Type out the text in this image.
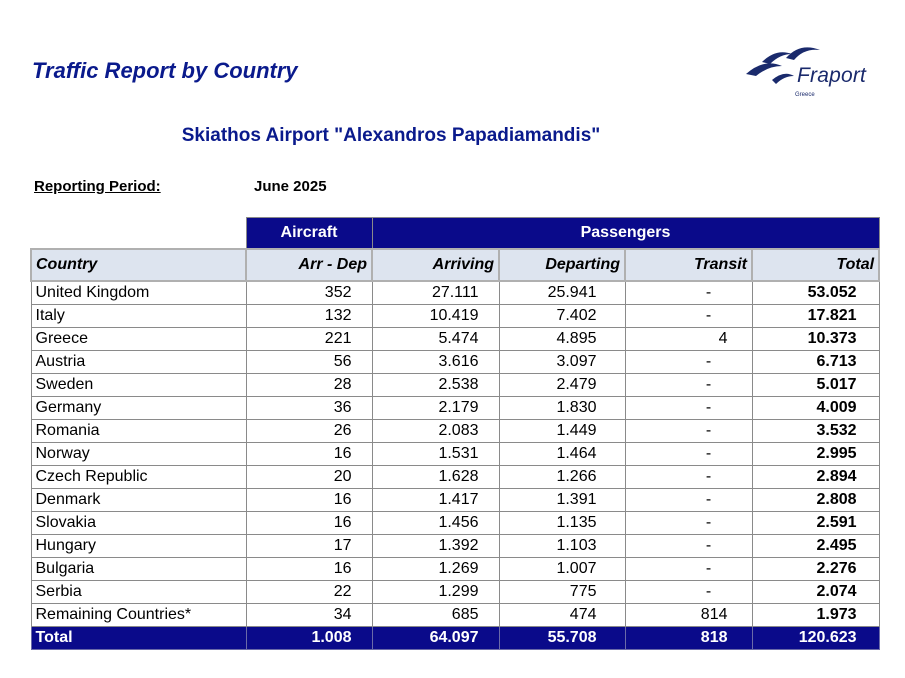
Traffic Report by Country	Fraport
Greece
Skiathos Airport "Alexandros Papadiamandis"
Reporting Period:	June 2025
	Aircraft	Passengers			
Country	Arr - Dep	Arriving	Departing	Transit	Total
United Kingdom	352	27.111	25.941	-	53.052
Italy	132	10.419	7.402	-	17.821
Greece	221	5.474	4.895	4	10.373
Austria	56	3.616	3.097	-	6.713
Sweden	28	2.538	2.479	-	5.017
Germany	36	2.179	1.830	-	4.009
Romania	26	2.083	1.449	-	3.532
Norway	16	1.531	1.464	-	2.995
Czech Republic	20	1.628	1.266	-	2.894
Denmark	16	1.417	1.391	-	2.808
Slovakia	16	1.456	1.135	-	2.591
Hungary	17	1.392	1.103	-	2.495
Bulgaria	16	1.269	1.007	-	2.276
Serbia	22	1.299	775	-	2.074
Remaining Countries*	34	685	474	814	1.973
Total	1.008	64.097	55.708	818	120.623
